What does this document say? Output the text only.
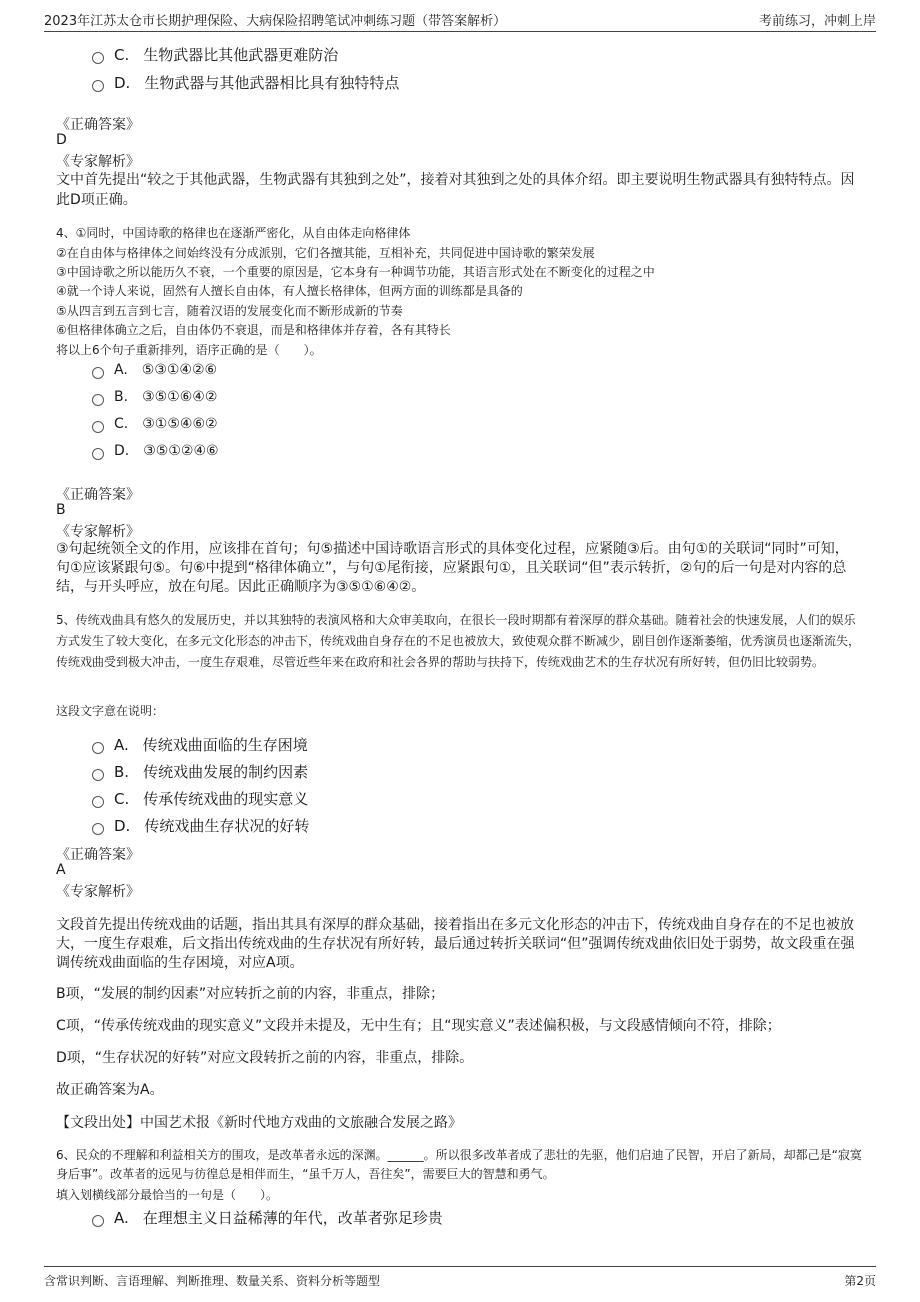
2023年江苏太仓市长期护理保险、大病保险招聘笔试冲刺练习题（带答案解析）	考前练习，冲刺上岸
C. 生物武器比其他武器更难防治
D. 生物武器与其他武器相比具有独特特点
《正确答案》
D
《专家解析》
文中首先提出“较之于其他武器，生物武器有其独到之处”，接着对其独到之处的具体介绍。即主要说明生物武器具有独特特点。因此D项正确。
4、①同时，中国诗歌的格律也在逐渐严密化，从自由体走向格律体
②在自由体与格律体之间始终没有分成派别，它们各擅其能，互相补充，共同促进中国诗歌的繁荣发展
③中国诗歌之所以能历久不衰，一个重要的原因是，它本身有一种调节功能，其语言形式处在不断变化的过程之中
④就一个诗人来说，固然有人擅长自由体，有人擅长格律体，但两方面的训练都是具备的
⑤从四言到五言到七言，随着汉语的发展变化而不断形成新的节奏
⑥但格律体确立之后，自由体仍不衰退，而是和格律体并存着，各有其特长
将以上6个句子重新排列，语序正确的是（　　）。
A. ⑤③①④②⑥
B. ③⑤①⑥④②
C. ③①⑤④⑥②
D. ③⑤①②④⑥
《正确答案》
B
《专家解析》
③句起统领全文的作用，应该排在首句；句⑤描述中国诗歌语言形式的具体变化过程，应紧随③后。由句①的关联词“同时”可知，句①应该紧跟句⑤。句⑥中提到“格律体确立”，与句①尾衔接，应紧跟句①，且关联词“但”表示转折，②句的后一句是对内容的总结，与开头呼应，放在句尾。因此正确顺序为③⑤①⑥④②。
5、传统戏曲具有悠久的发展历史，并以其独特的表演风格和大众审美取向，在很长一段时期都有着深厚的群众基础。随着社会的快速发展，人们的娱乐方式发生了较大变化，在多元文化形态的冲击下，传统戏曲自身存在的不足也被放大，致使观众群不断减少，剧目创作逐渐萎缩，优秀演员也逐渐流失，传统戏曲受到极大冲击，一度生存艰难，尽管近些年来在政府和社会各界的帮助与扶持下，传统戏曲艺术的生存状况有所好转，但仍旧比较弱势。
这段文字意在说明：
A. 传统戏曲面临的生存困境
B. 传统戏曲发展的制约因素
C. 传承传统戏曲的现实意义
D. 传统戏曲生存状况的好转
《正确答案》
A
《专家解析》
文段首先提出传统戏曲的话题，指出其具有深厚的群众基础，接着指出在多元文化形态的冲击下，传统戏曲自身存在的不足也被放大，一度生存艰难，后文指出传统戏曲的生存状况有所好转，最后通过转折关联词“但”强调传统戏曲依旧处于弱势，故文段重在强调传统戏曲面临的生存困境，对应A项。
B项，“发展的制约因素”对应转折之前的内容，非重点，排除；
C项，“传承传统戏曲的现实意义”文段并未提及，无中生有；且“现实意义”表述偏积极，与文段感情倾向不符，排除；
D项，“生存状况的好转”对应文段转折之前的内容，非重点，排除。
故正确答案为A。
【文段出处】中国艺术报《新时代地方戏曲的文旅融合发展之路》
6、民众的不理解和利益相关方的围攻，是改革者永远的深渊。______。所以很多改革者成了悲壮的先驱，他们启迪了民智，开启了新局，却都己是“寂寞身后事”。改革者的远见与彷徨总是相伴而生，“虽千万人，吾往矣”，需要巨大的智慧和勇气。
填入划横线部分最恰当的一句是（　　）。
A. 在理想主义日益稀薄的年代，改革者弥足珍贵
含常识判断、言语理解、判断推理、数量关系、资料分析等题型	第2页
